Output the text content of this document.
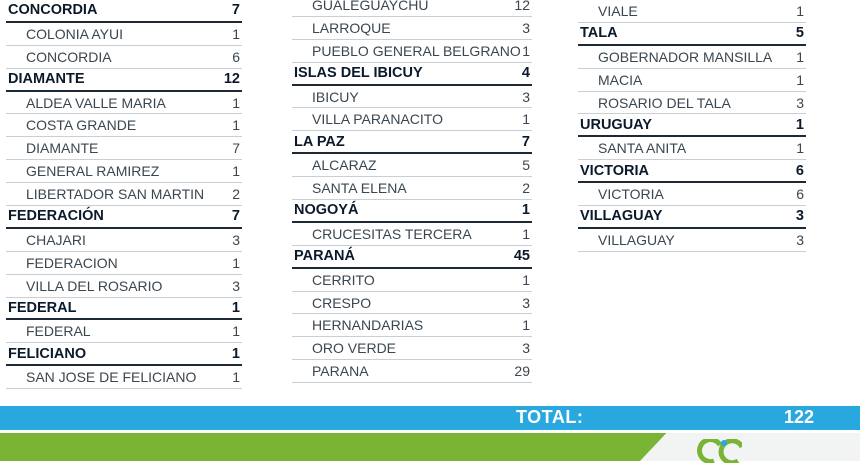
CONCORDIA	7
COLONIA AYUI	1
CONCORDIA	6
DIAMANTE	12
ALDEA VALLE MARIA	1
COSTA GRANDE	1
DIAMANTE	7
GENERAL RAMIREZ	1
LIBERTADOR SAN MARTIN 2
FEDERACIÓN	7
CHAJARI	3
FEDERACION	1
VILLA DEL ROSARIO	3
FEDERAL	1
FEDERAL	1
FELICIANO	1
SAN JOSE DE FELICIANO	1
GUALEGUAYCHU	12
LARROQUE	3
PUEBLO GENERAL BELGRANO 1
ISLAS DEL IBICUY	4
IBICUY	3
VILLA PARANACITO	1
LA PAZ	7
ALCARAZ	5
SANTA ELENA	2
NOGOYÁ	1
CRUCESITAS TERCERA	1
PARANÁ	45
CERRITO	1
CRESPO	3
HERNANDARIAS	1
ORO VERDE	3
PARANA	29
VIALE	1
TALA	5
GOBERNADOR MANSILLA 1
MACIA	1
ROSARIO DEL TALA	3
URUGUAY	1
SANTA ANITA	1
VICTORIA	6
VICTORIA	6
VILLAGUAY	3
VILLAGUAY	3
TOTAL:	122
